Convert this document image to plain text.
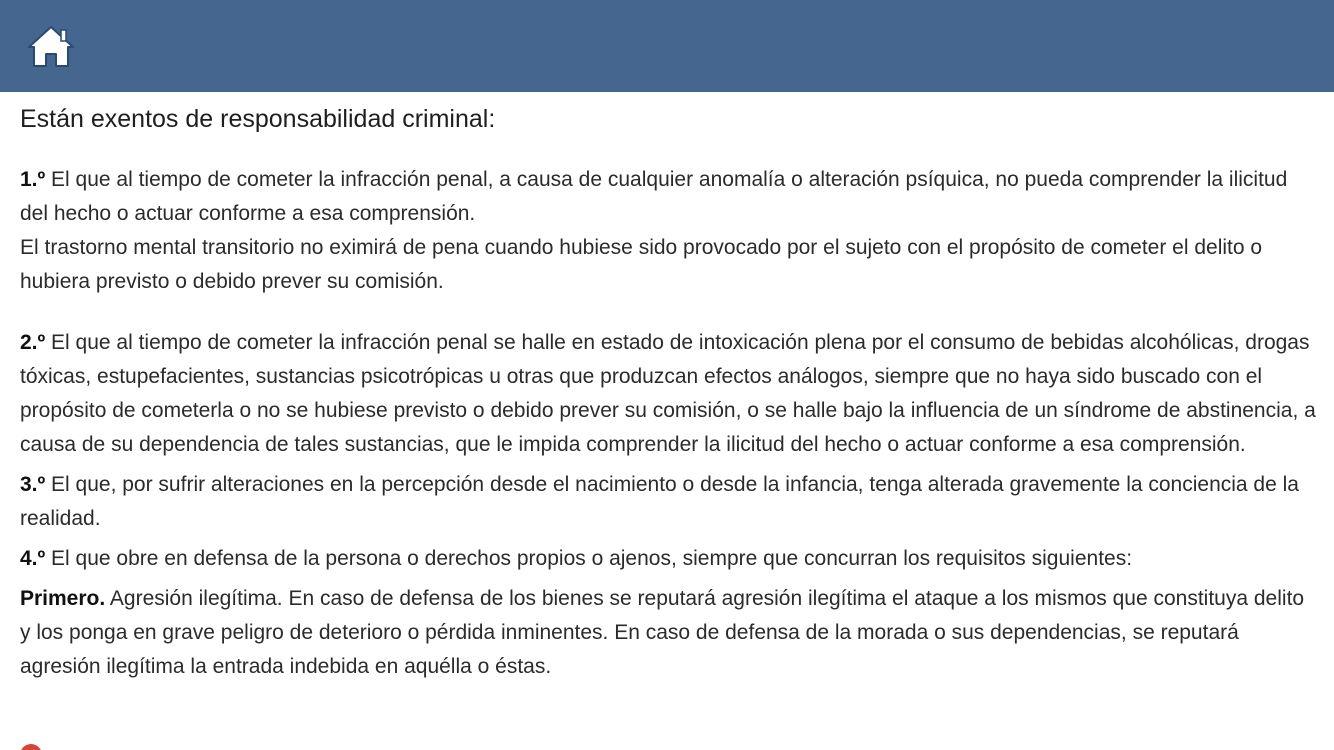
Están exentos de responsabilidad criminal:

1.º El que al tiempo de cometer la infracción penal, a causa de cualquier anomalía o alteración psíquica, no pueda comprender la ilicitud del hecho o actuar conforme a esa comprensión.
El trastorno mental transitorio no eximirá de pena cuando hubiese sido provocado por el sujeto con el propósito de cometer el delito o hubiera previsto o debido prever su comisión.

2.º El que al tiempo de cometer la infracción penal se halle en estado de intoxicación plena por el consumo de bebidas alcohólicas, drogas tóxicas, estupefacientes, sustancias psicotrópicas u otras que produzcan efectos análogos, siempre que no haya sido buscado con el propósito de cometerla o no se hubiese previsto o debido prever su comisión, o se halle bajo la influencia de un síndrome de abstinencia, a causa de su dependencia de tales sustancias, que le impida comprender la ilicitud del hecho o actuar conforme a esa comprensión.

3.º El que, por sufrir alteraciones en la percepción desde el nacimiento o desde la infancia, tenga alterada gravemente la conciencia de la realidad.

4.º El que obre en defensa de la persona o derechos propios o ajenos, siempre que concurran los requisitos siguientes:

Primero. Agresión ilegítima. En caso de defensa de los bienes se reputará agresión ilegítima el ataque a los mismos que constituya delito y los ponga en grave peligro de deterioro o pérdida inminentes. En caso de defensa de la morada o sus dependencias, se reputará agresión ilegítima la entrada indebida en aquélla o éstas.
